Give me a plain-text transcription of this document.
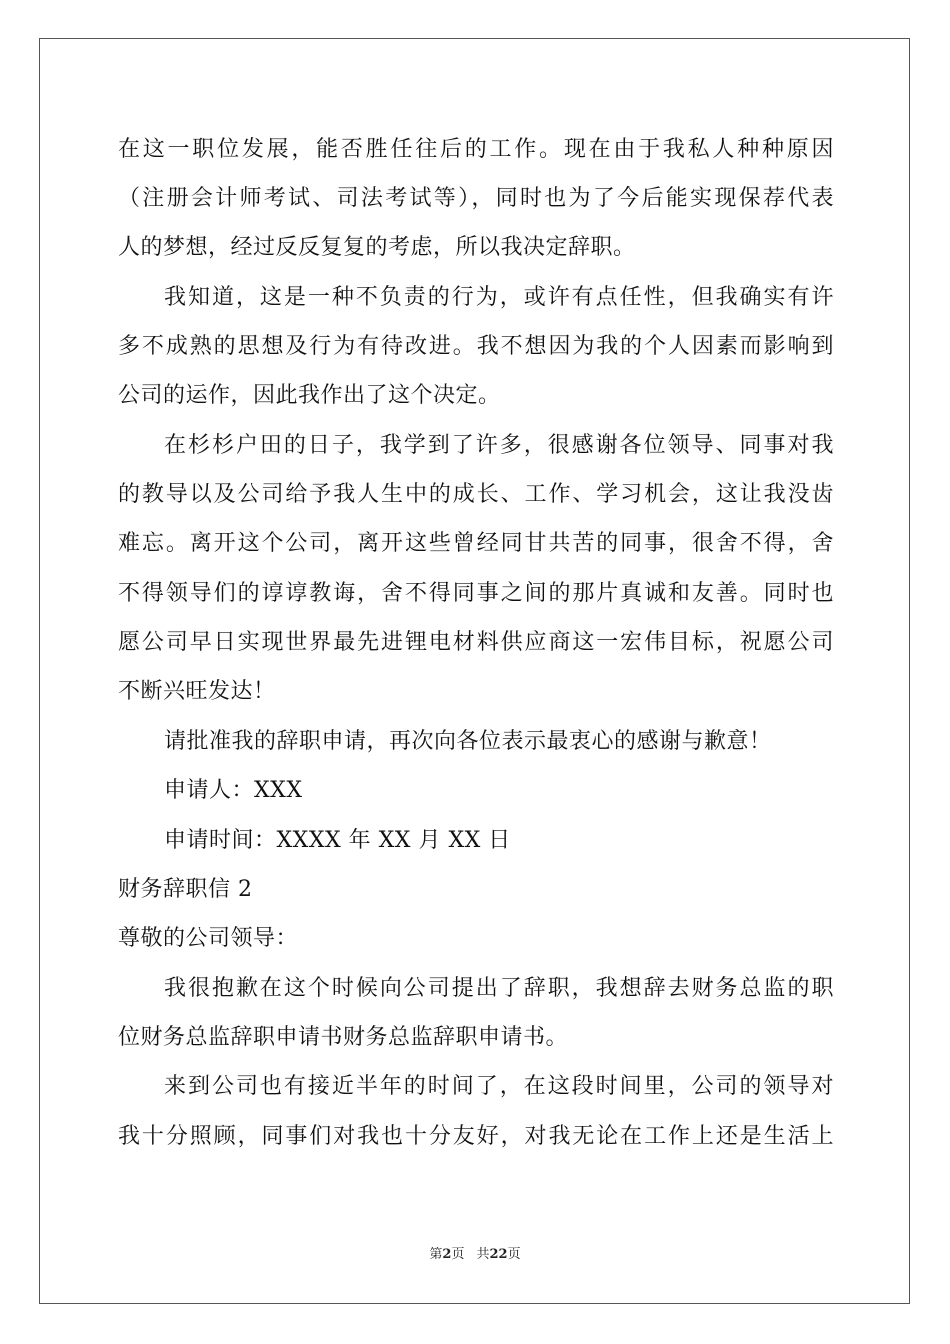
在这一职位发展，能否胜任往后的工作。现在由于我私人种种原因
（注册会计师考试、司法考试等），同时也为了今后能实现保荐代表
人的梦想，经过反反复复的考虑，所以我决定辞职。
我知道，这是一种不负责的行为，或许有点任性，但我确实有许
多不成熟的思想及行为有待改进。我不想因为我的个人因素而影响到
公司的运作，因此我作出了这个决定。
在杉杉户田的日子，我学到了许多，很感谢各位领导、同事对我
的教导以及公司给予我人生中的成长、工作、学习机会，这让我没齿
难忘。离开这个公司，离开这些曾经同甘共苦的同事，很舍不得，舍
不得领导们的谆谆教诲，舍不得同事之间的那片真诚和友善。同时也
愿公司早日实现世界最先进锂电材料供应商这一宏伟目标，祝愿公司
不断兴旺发达！
请批准我的辞职申请，再次向各位表示最衷心的感谢与歉意！
申请人：XXX
申请时间：XXXX 年 XX 月 XX 日
财务辞职信 2
尊敬的公司领导：
我很抱歉在这个时候向公司提出了辞职，我想辞去财务总监的职
位财务总监辞职申请书财务总监辞职申请书。
来到公司也有接近半年的时间了，在这段时间里，公司的领导对
我十分照顾，同事们对我也十分友好，对我无论在工作上还是生活上
第2页 共22页
